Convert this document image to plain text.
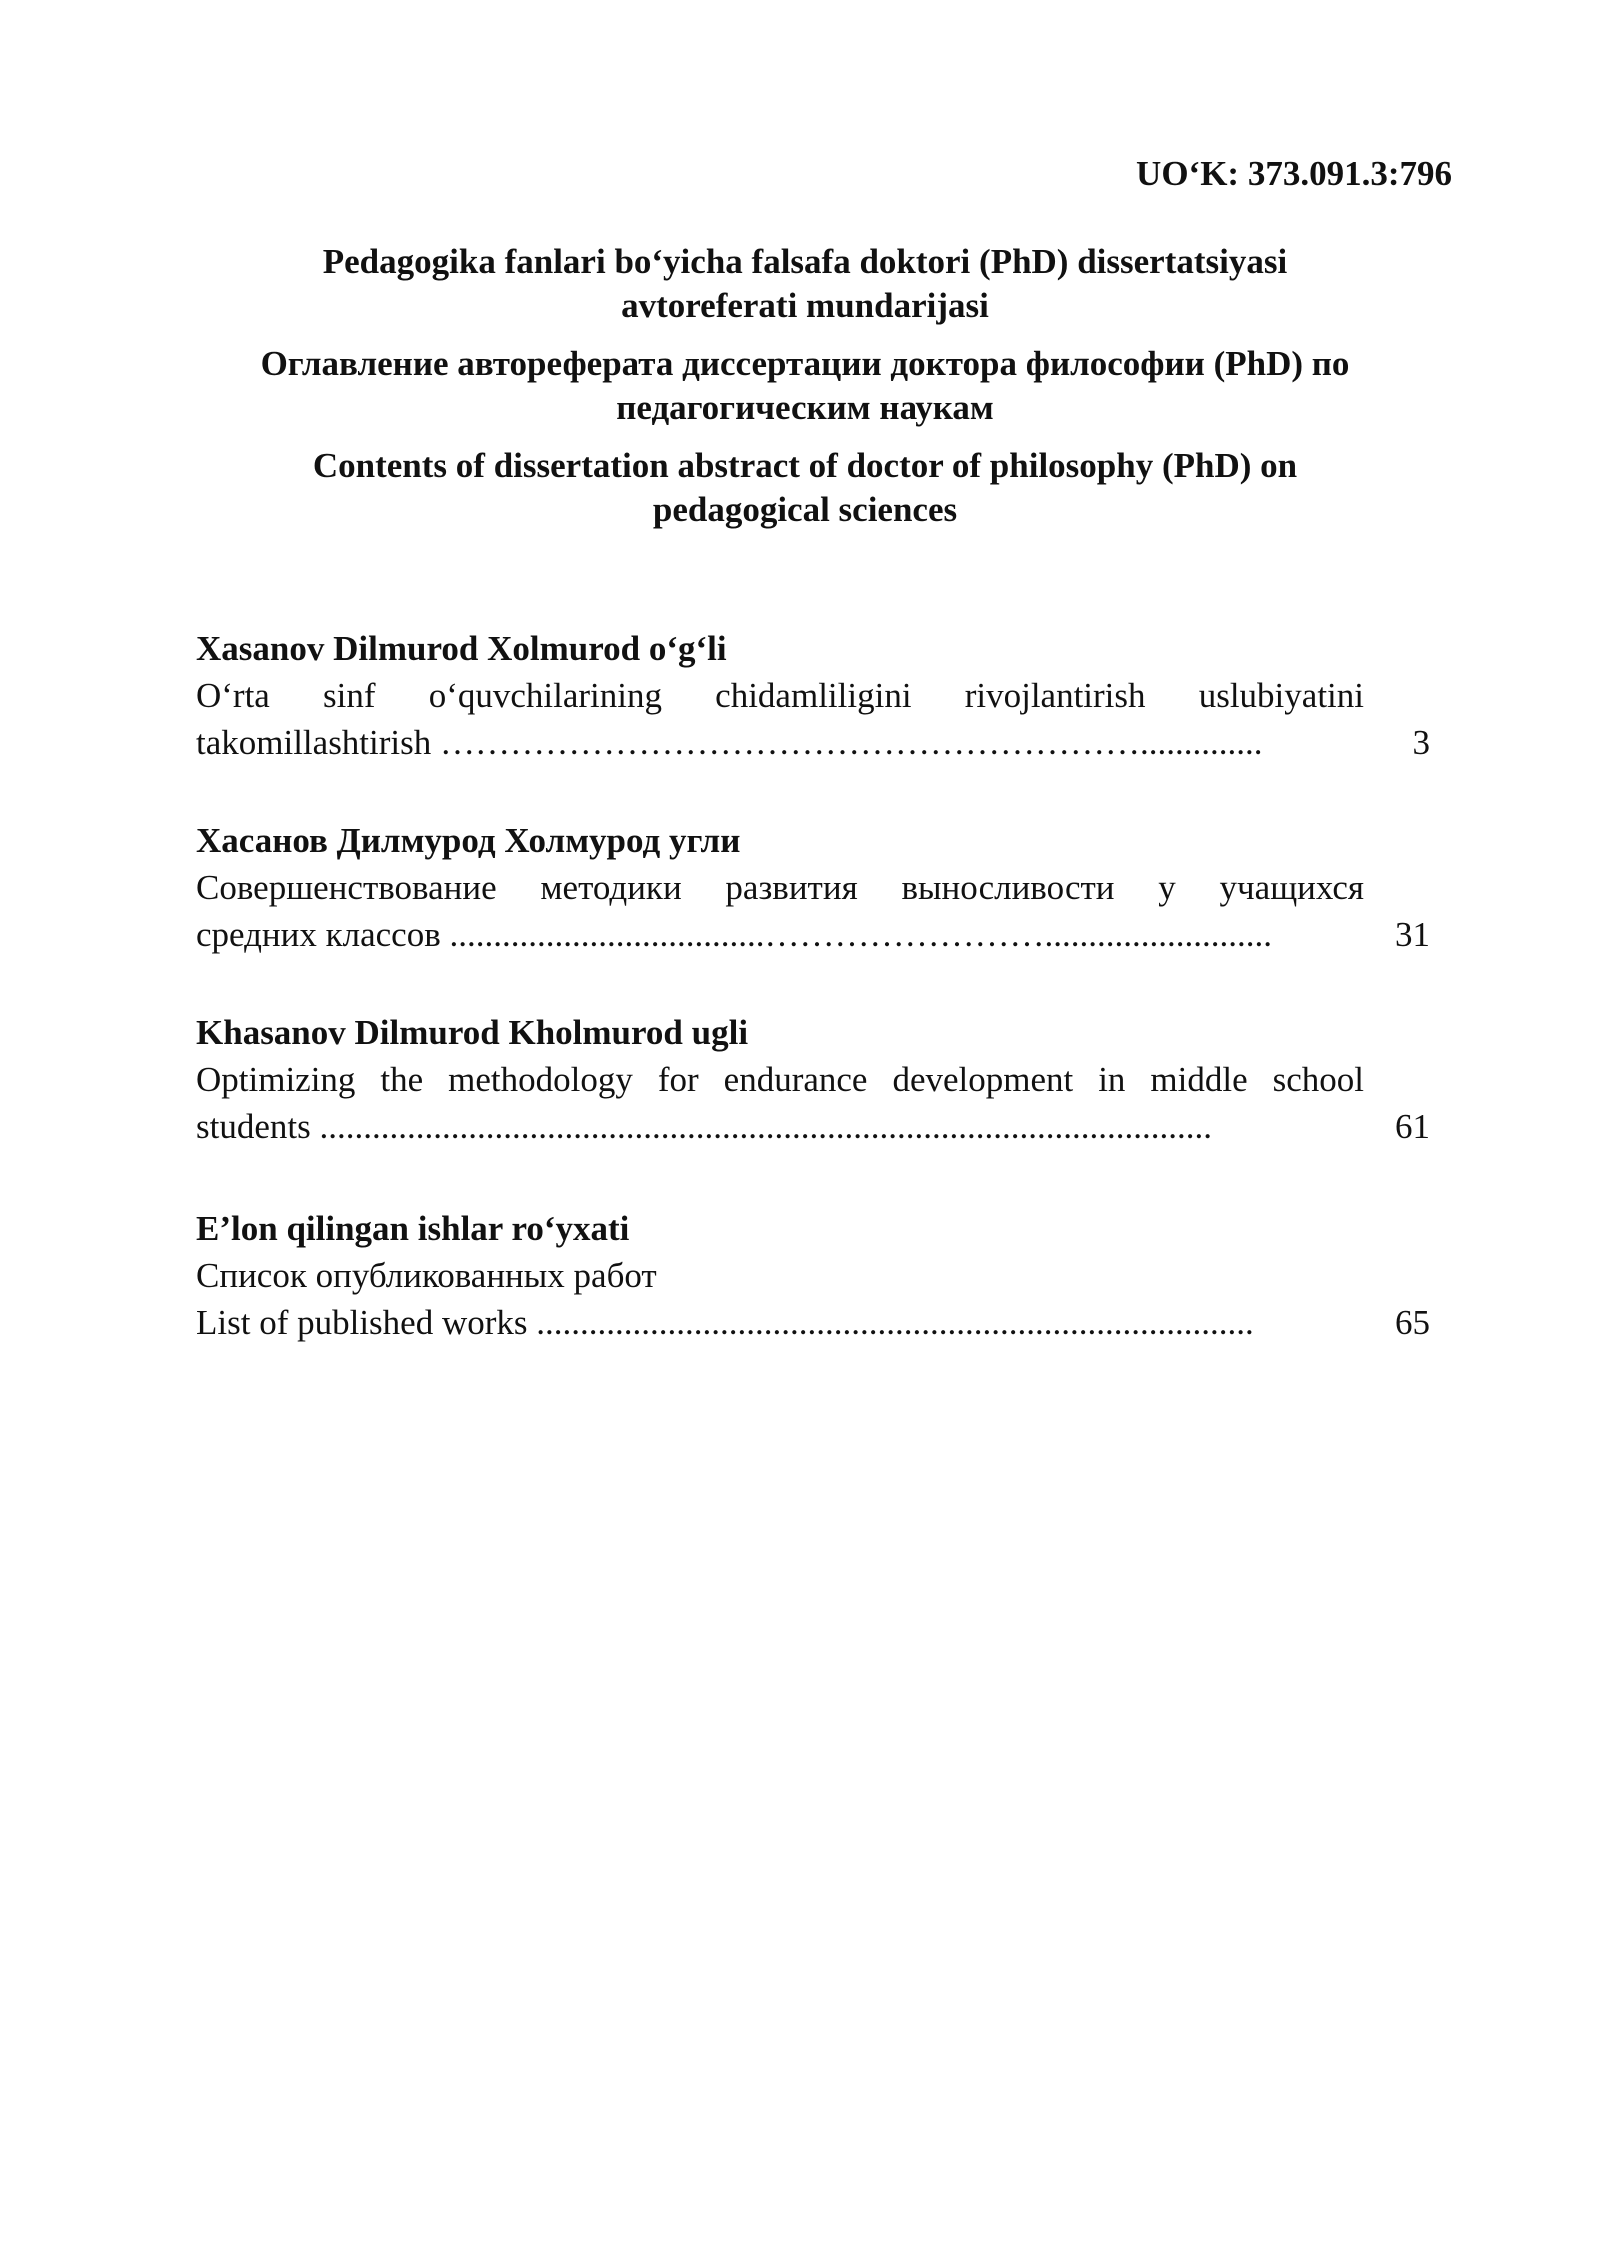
UO‘K: 373.091.3:796
Pedagogika fanlari bo‘yicha falsafa doktori (PhD) dissertatsiyasi
avtoreferati mundarijasi
Оглавление автореферата диссертации доктора философии (PhD) по
педагогическим наукам
Contents of dissertation abstract of doctor of philosophy (PhD) on
pedagogical sciences
Xasanov Dilmurod Xolmurod o‘g‘li
O‘rta sinf o‘quvchilarining chidamliligini rivojlantirish uslubiyatini
takomillashtirish ……………………………………………………..............	3
Хасанов Дилмурод Холмурод угли
Совершенствование методики развития выносливости у учащихся
средних классов ....................................……………………..........................	31
Khasanov Dilmurod Kholmurod ugli
Optimizing the methodology for endurance development in middle school
students ......................................................................................................	61
E’lon qilingan ishlar ro‘yxati
Список опубликованных работ
List of published works ..................................................................................	65
